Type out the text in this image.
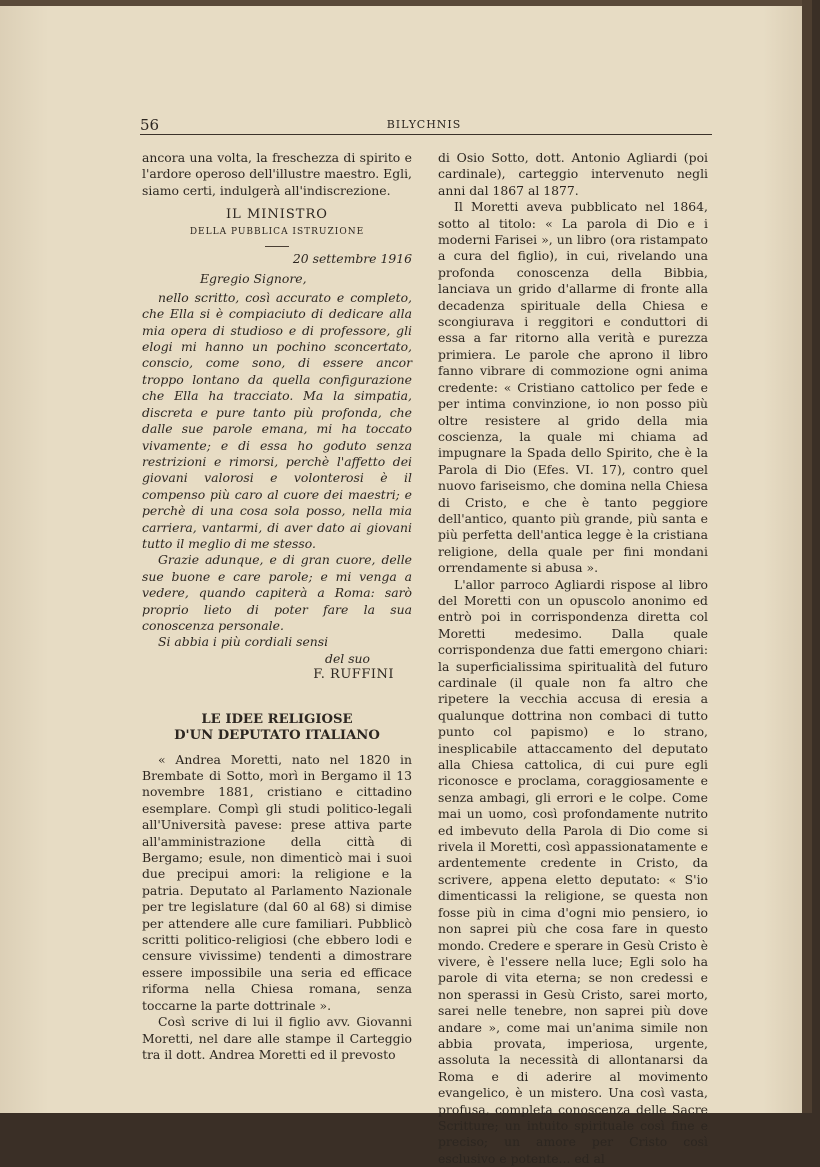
56	BILYCHNIS

ancora una volta, la freschezza di spirito e l'ardore operoso dell'illustre maestro. Egli, siamo certi, indulgerà all'indiscrezione.

IL MINISTRO
DELLA PUBBLICA ISTRUZIONE
20 settembre 1916
Egregio Signore,

nello scritto, così accurato e completo, che Ella si è compiaciuto di dedicare alla mia opera di studioso e di professore, gli elogi mi hanno un pochino sconcertato, conscio, come sono, di essere ancor troppo lontano da quella configurazione che Ella ha tracciato. Ma la simpatia, discreta e pure tanto più profonda, che dalle sue parole emana, mi ha toccato vivamente; e di essa ho goduto senza restrizioni e rimorsi, perchè l'affetto dei giovani valorosi e volonterosi è il compenso più caro al cuore dei maestri; e perchè di una cosa sola posso, nella mia carriera, vantarmi, di aver dato ai giovani tutto il meglio di me stesso.

Grazie adunque, e di gran cuore, delle sue buone e care parole; e mi venga a vedere, quando capiterà a Roma: sarò proprio lieto di poter fare la sua conoscenza personale.

Si abbia i più cordiali sensi

del suo
F. RUFFINI
LE IDEE RELIGIOSE
D'UN DEPUTATO ITALIANO

« Andrea Moretti, nato nel 1820 in Brembate di Sotto, morì in Bergamo il 13 novembre 1881, cristiano e cittadino esemplare. Compì gli studi politico-legali all'Università pavese: prese attiva parte all'amministrazione della città di Bergamo; esule, non dimenticò mai i suoi due precipui amori: la religione e la patria. Deputato al Parlamento Nazionale per tre legislature (dal 60 al 68) si dimise per attendere alle cure familiari. Pubblicò scritti politico-religiosi (che ebbero lodi e censure vivissime) tendenti a dimostrare essere impossibile una seria ed efficace riforma nella Chiesa romana, senza toccarne la parte dottrinale ».

Così scrive di lui il figlio avv. Giovanni Moretti, nel dare alle stampe il Carteggio tra il dott. Andrea Moretti ed il prevosto

di Osio Sotto, dott. Antonio Agliardi (poi cardinale), carteggio intervenuto negli anni dal 1867 al 1877.

Il Moretti aveva pubblicato nel 1864, sotto al titolo: « La parola di Dio e i moderni Farisei », un libro (ora ristampato a cura del figlio), in cui, rivelando una profonda conoscenza della Bibbia, lanciava un grido d'allarme di fronte alla decadenza spirituale della Chiesa e scongiurava i reggitori e conduttori di essa a far ritorno alla verità e purezza primiera. Le parole che aprono il libro fanno vibrare di commozione ogni anima credente: « Cristiano cattolico per fede e per intima convinzione, io non posso più oltre resistere al grido della mia coscienza, la quale mi chiama ad impugnare la Spada dello Spirito, che è la Parola di Dio (Efes. VI. 17), contro quel nuovo fariseismo, che domina nella Chiesa di Cristo, e che è tanto peggiore dell'antico, quanto più grande, più santa e più perfetta dell'antica legge è la cristiana religione, della quale per fini mondani orrendamente si abusa ».

L'allor parroco Agliardi rispose al libro del Moretti con un opuscolo anonimo ed entrò poi in corrispondenza diretta col Moretti medesimo. Dalla quale corrispondenza due fatti emergono chiari: la superficialissima spiritualità del futuro cardinale (il quale non fa altro che ripetere la vecchia accusa di eresia a qualunque dottrina non combaci di tutto punto col papismo) e lo strano, inesplicabile attaccamento del deputato alla Chiesa cattolica, di cui pure egli riconosce e proclama, coraggiosamente e senza ambagi, gli errori e le colpe. Come mai un uomo, così profondamente nutrito ed imbevuto della Parola di Dio come si rivela il Moretti, così appassionatamente e ardentemente credente in Cristo, da scrivere, appena eletto deputato: « S'io dimenticassi la religione, se questa non fosse più in cima d'ogni mio pensiero, io non saprei più che cosa fare in questo mondo. Credere e sperare in Gesù Cristo è vivere, è l'essere nella luce; Egli solo ha parole di vita eterna; se non credessi e non sperassi in Gesù Cristo, sarei morto, sarei nelle tenebre, non saprei più dove andare », come mai un'anima simile non abbia provata, imperiosa, urgente, assoluta la necessità di allontanarsi da Roma e di aderire al movimento evangelico, è un mistero. Una così vasta, profusa, completa conoscenza delle Sacre Scritture; un intuito spirituale così fine e preciso; un amore per Cristo così esclusivo e potente... ed al
